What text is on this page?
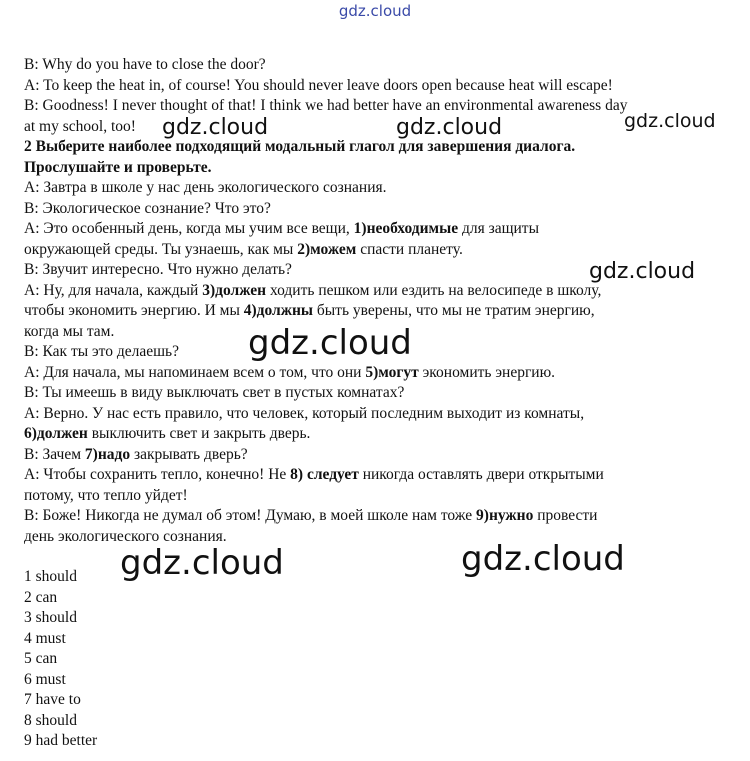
gdz.cloud
B: Why do you have to close the door?
A: To keep the heat in, of course! You should never leave doors open because heat will escape!
B: Goodness! I never thought of that! I think we had better have an environmental awareness day
at my school, too!
2 Выберите наиболее подходящий модальный глагол для завершения диалога.
Прослушайте и проверьте.
A: Завтра в школе у нас день экологического сознания.
B: Экологическое сознание? Что это?
A: Это особенный день, когда мы учим все вещи, 1)необходимые для защиты
окружающей среды. Ты узнаешь, как мы 2)можем спасти планету.
B: Звучит интересно. Что нужно делать?
A: Ну, для начала, каждый 3)должен ходить пешком или ездить на велосипеде в школу,
чтобы экономить энергию. И мы 4)должны быть уверены, что мы не тратим энергию,
когда мы там.
B: Как ты это делаешь?
A: Для начала, мы напоминаем всем о том, что они 5)могут экономить энергию.
B: Ты имеешь в виду выключать свет в пустых комнатах?
A: Верно. У нас есть правило, что человек, который последним выходит из комнаты,
6)должен выключить свет и закрыть дверь.
B: Зачем 7)надо закрывать дверь?
A: Чтобы сохранить тепло, конечно! Не 8) следует никогда оставлять двери открытыми
потому, что тепло уйдет!
B: Боже! Никогда не думал об этом! Думаю, в моей школе нам тоже 9)нужно провести
день экологического сознания.
1 should
2 can
3 should
4 must
5 can
6 must
7 have to
8 should
9 had better
gdz.cloud	gdz.cloud	gdz.cloud
gdz.cloud
gdz.cloud
gdz.cloud	gdz.cloud
